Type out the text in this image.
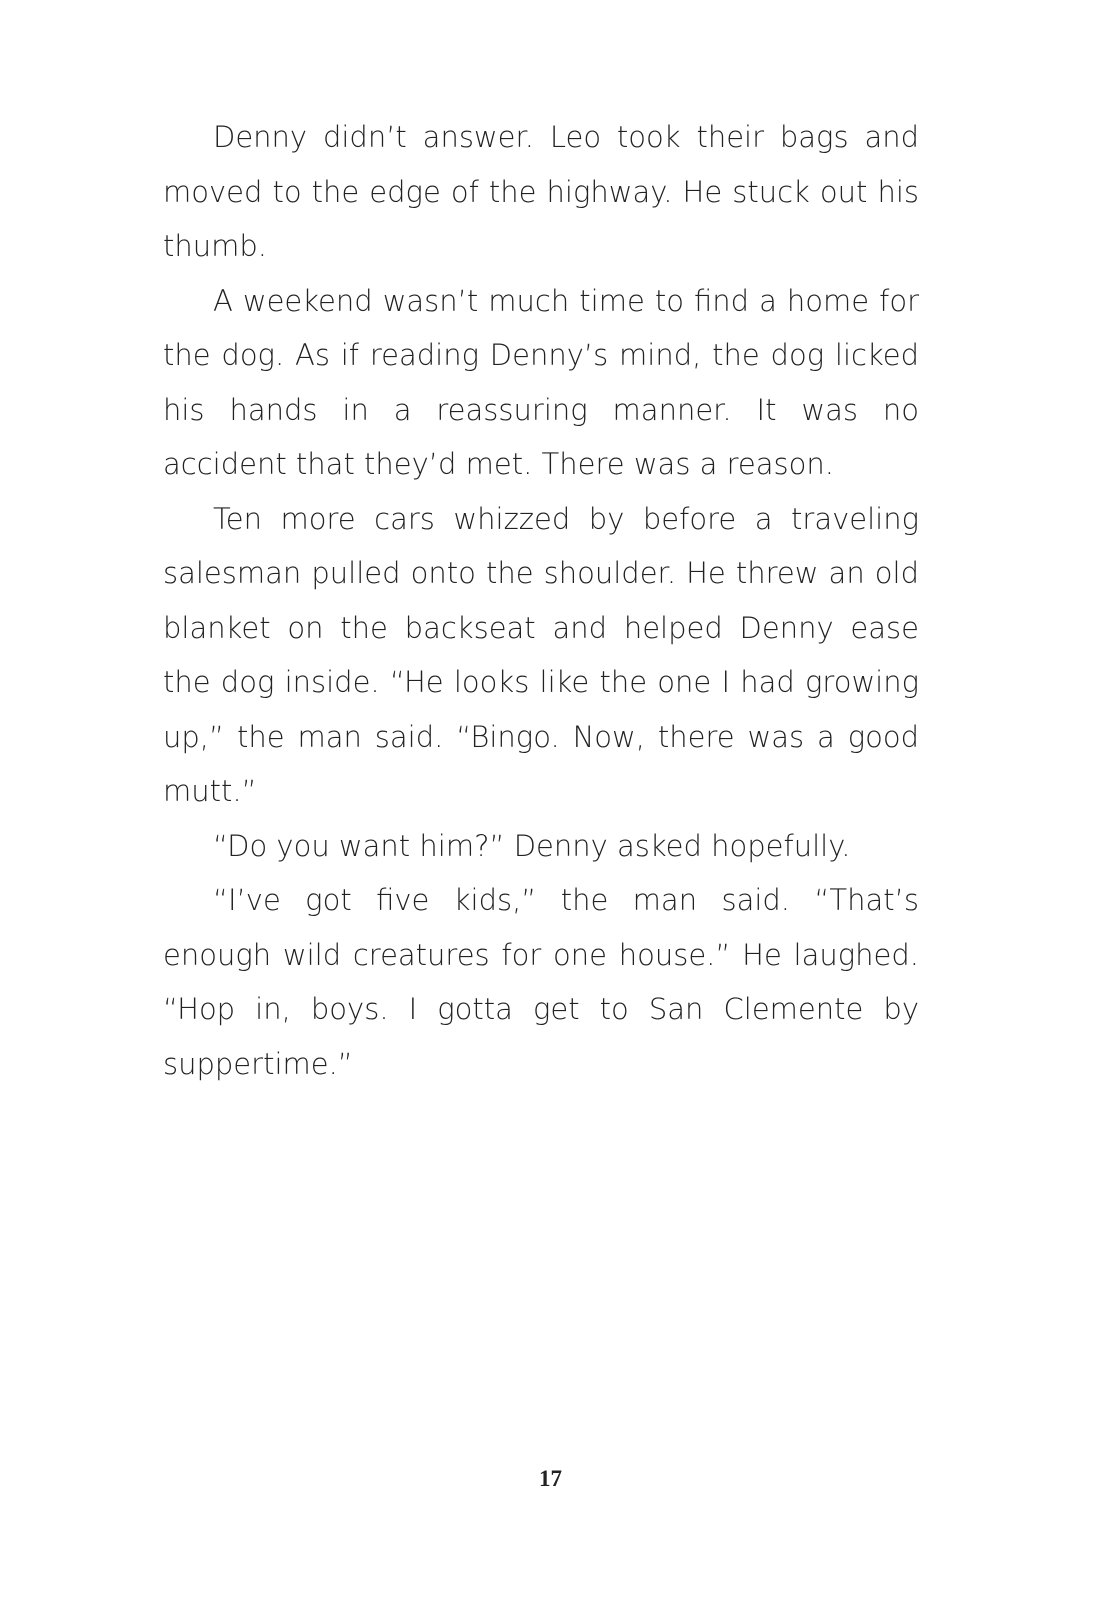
Denny didn’t answer. Leo took their bags and moved to the edge of the highway. He stuck out his thumb.

A weekend wasn’t much time to find a home for the dog. As if reading Denny’s mind, the dog licked his hands in a reassuring manner. It was no accident that they’d met. There was a reason.

Ten more cars whizzed by before a traveling salesman pulled onto the shoulder. He threw an old blanket on the backseat and helped Denny ease the dog inside. “He looks like the one I had growing up,” the man said. “Bingo. Now, there was a good mutt.”

“Do you want him?” Denny asked hopefully.

“I’ve got five kids,” the man said. “That’s enough wild creatures for one house.” He laughed. “Hop in, boys. I gotta get to San Clemente by suppertime.”

17
